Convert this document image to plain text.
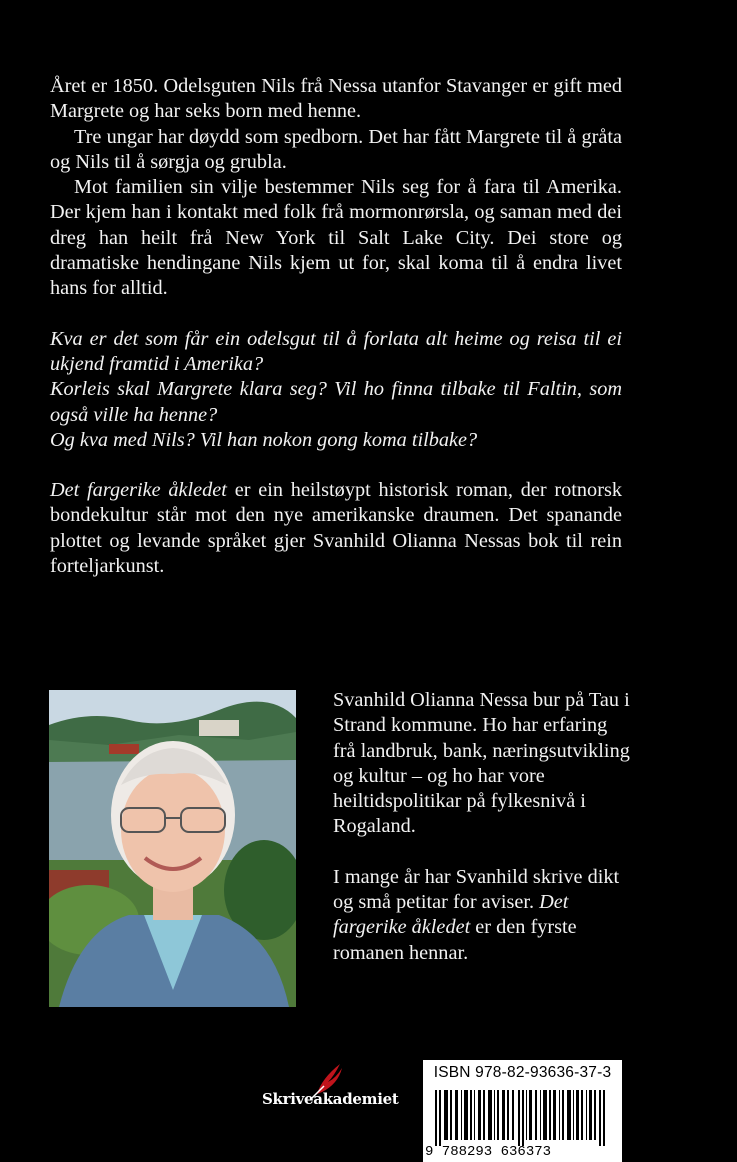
Året er 1850. Odelsguten Nils frå Nessa utanfor Stavanger er gift med Margrete og har seks born med henne.

Tre ungar har døydd som spedborn. Det har fått Margrete til å gråta og Nils til å sørgja og grubla.

Mot familien sin vilje bestemmer Nils seg for å fara til Amerika. Der kjem han i kontakt med folk frå mormonrørsla, og saman med dei dreg han heilt frå New York til Salt Lake City. Dei store og dramatiske hendingane Nils kjem ut for, skal koma til å endra livet hans for alltid.

Kva er det som får ein odelsgut til å forlata alt heime og reisa til ei ukjend framtid i Amerika?

Korleis skal Margrete klara seg? Vil ho finna tilbake til Faltin, som også ville ha henne?

Og kva med Nils? Vil han nokon gong koma tilbake?

Det fargerike åkledet er ein heilstøypt historisk roman, der rotnorsk bondekultur står mot den nye amerikanske draumen. Det spanande plottet og levande språket gjer Svanhild Olianna Nessas bok til rein forteljarkunst.

Svanhild Olianna Nessa bur på Tau i Strand kommune. Ho har erfaring frå landbruk, bank, næringsutvikling og kultur – og ho har vore heiltidspolitikar på fylkesnivå i Rogaland.

I mange år har Svanhild skrive dikt og små petitar for aviser. Det fargerike åkledet er den fyrste romanen hennar.

Skriveakademiet
ISBN 978-82-93636-37-3
9 788293 636373
